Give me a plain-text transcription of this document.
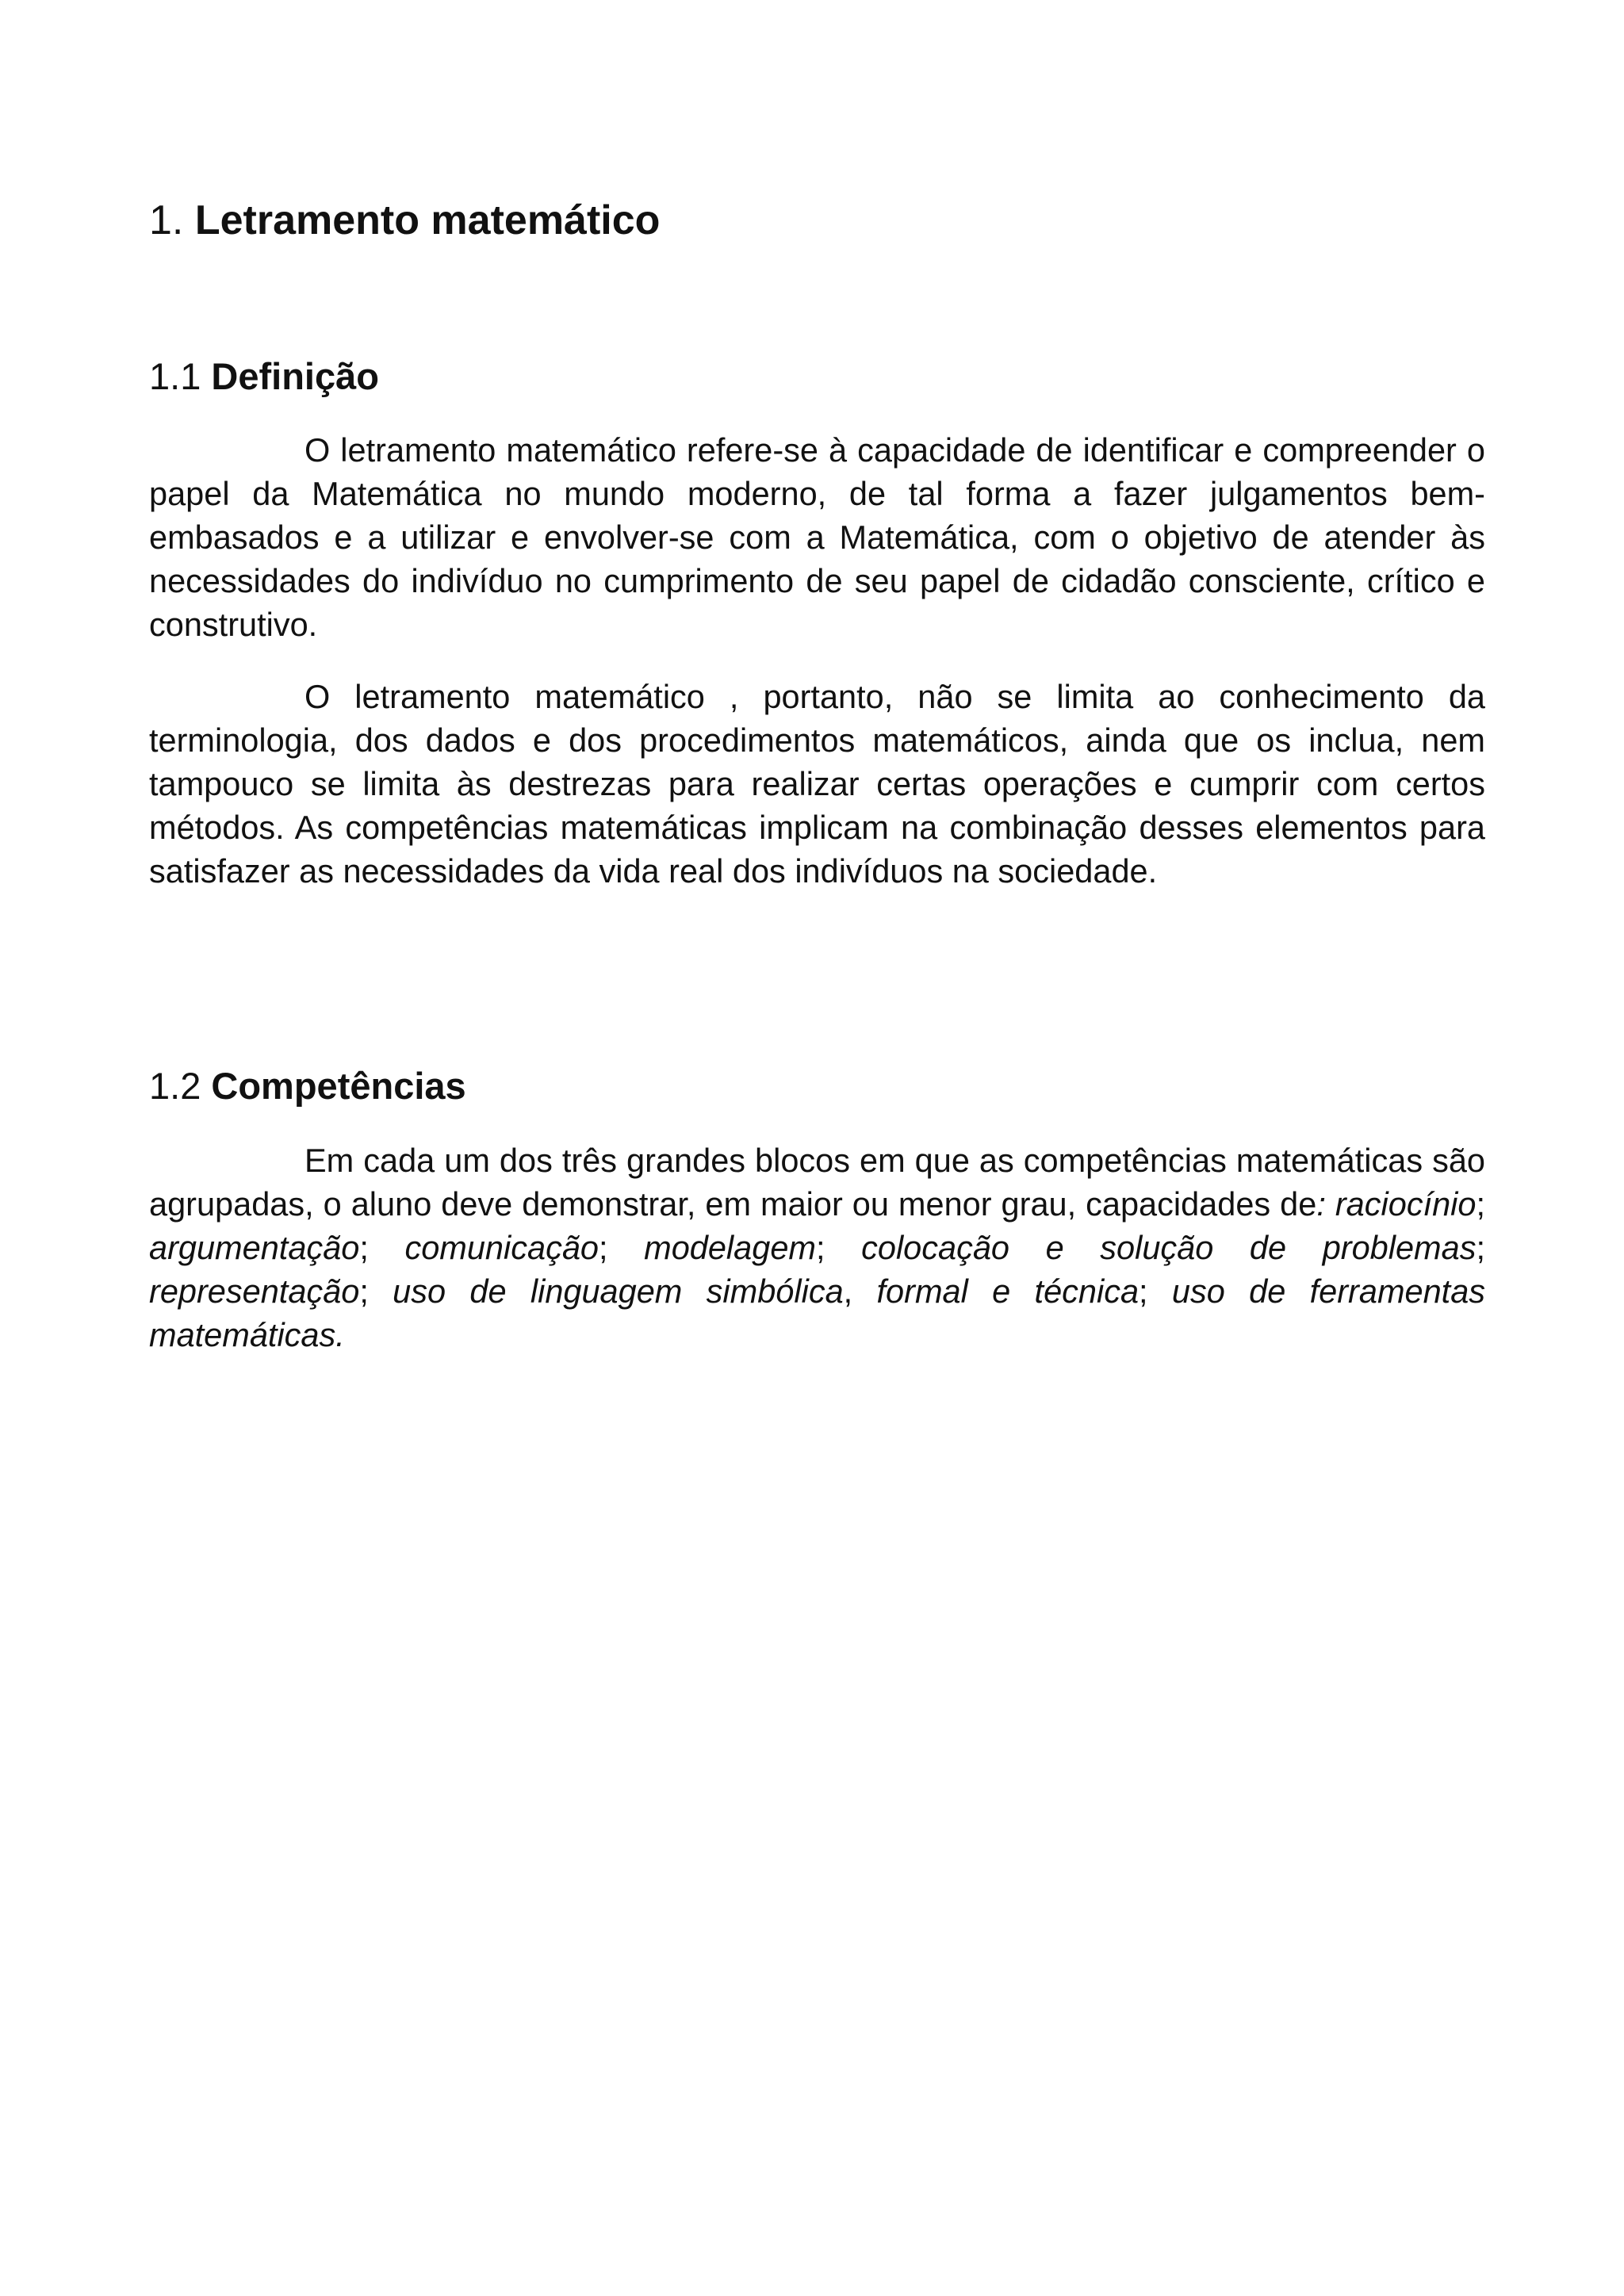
1. Letramento matemático
1.1 Definição

O letramento matemático refere-se à capacidade de identificar e compreender o papel da Matemática no mundo moderno, de tal forma a fazer julgamentos bem-embasados e a utilizar e envolver-se com a Matemática, com o objetivo de atender às necessidades do indivíduo no cumprimento de seu papel de cidadão consciente, crítico e construtivo.

O letramento matemático , portanto, não se limita ao conhecimento da terminologia, dos dados e dos procedimentos matemáticos, ainda que os inclua, nem tampouco se limita às destrezas para realizar certas operações e cumprir com certos métodos. As competências matemáticas implicam na combinação desses elementos para satisfazer as necessidades da vida real dos indivíduos na sociedade.

1.2 Competências

Em cada um dos três grandes blocos em que as competências matemáticas são agrupadas, o aluno deve demonstrar, em maior ou menor grau, capacidades de: raciocínio; argumentação; comunicação; modelagem; colocação e solução de problemas; representação; uso de linguagem simbólica, formal e técnica; uso de ferramentas matemáticas.
